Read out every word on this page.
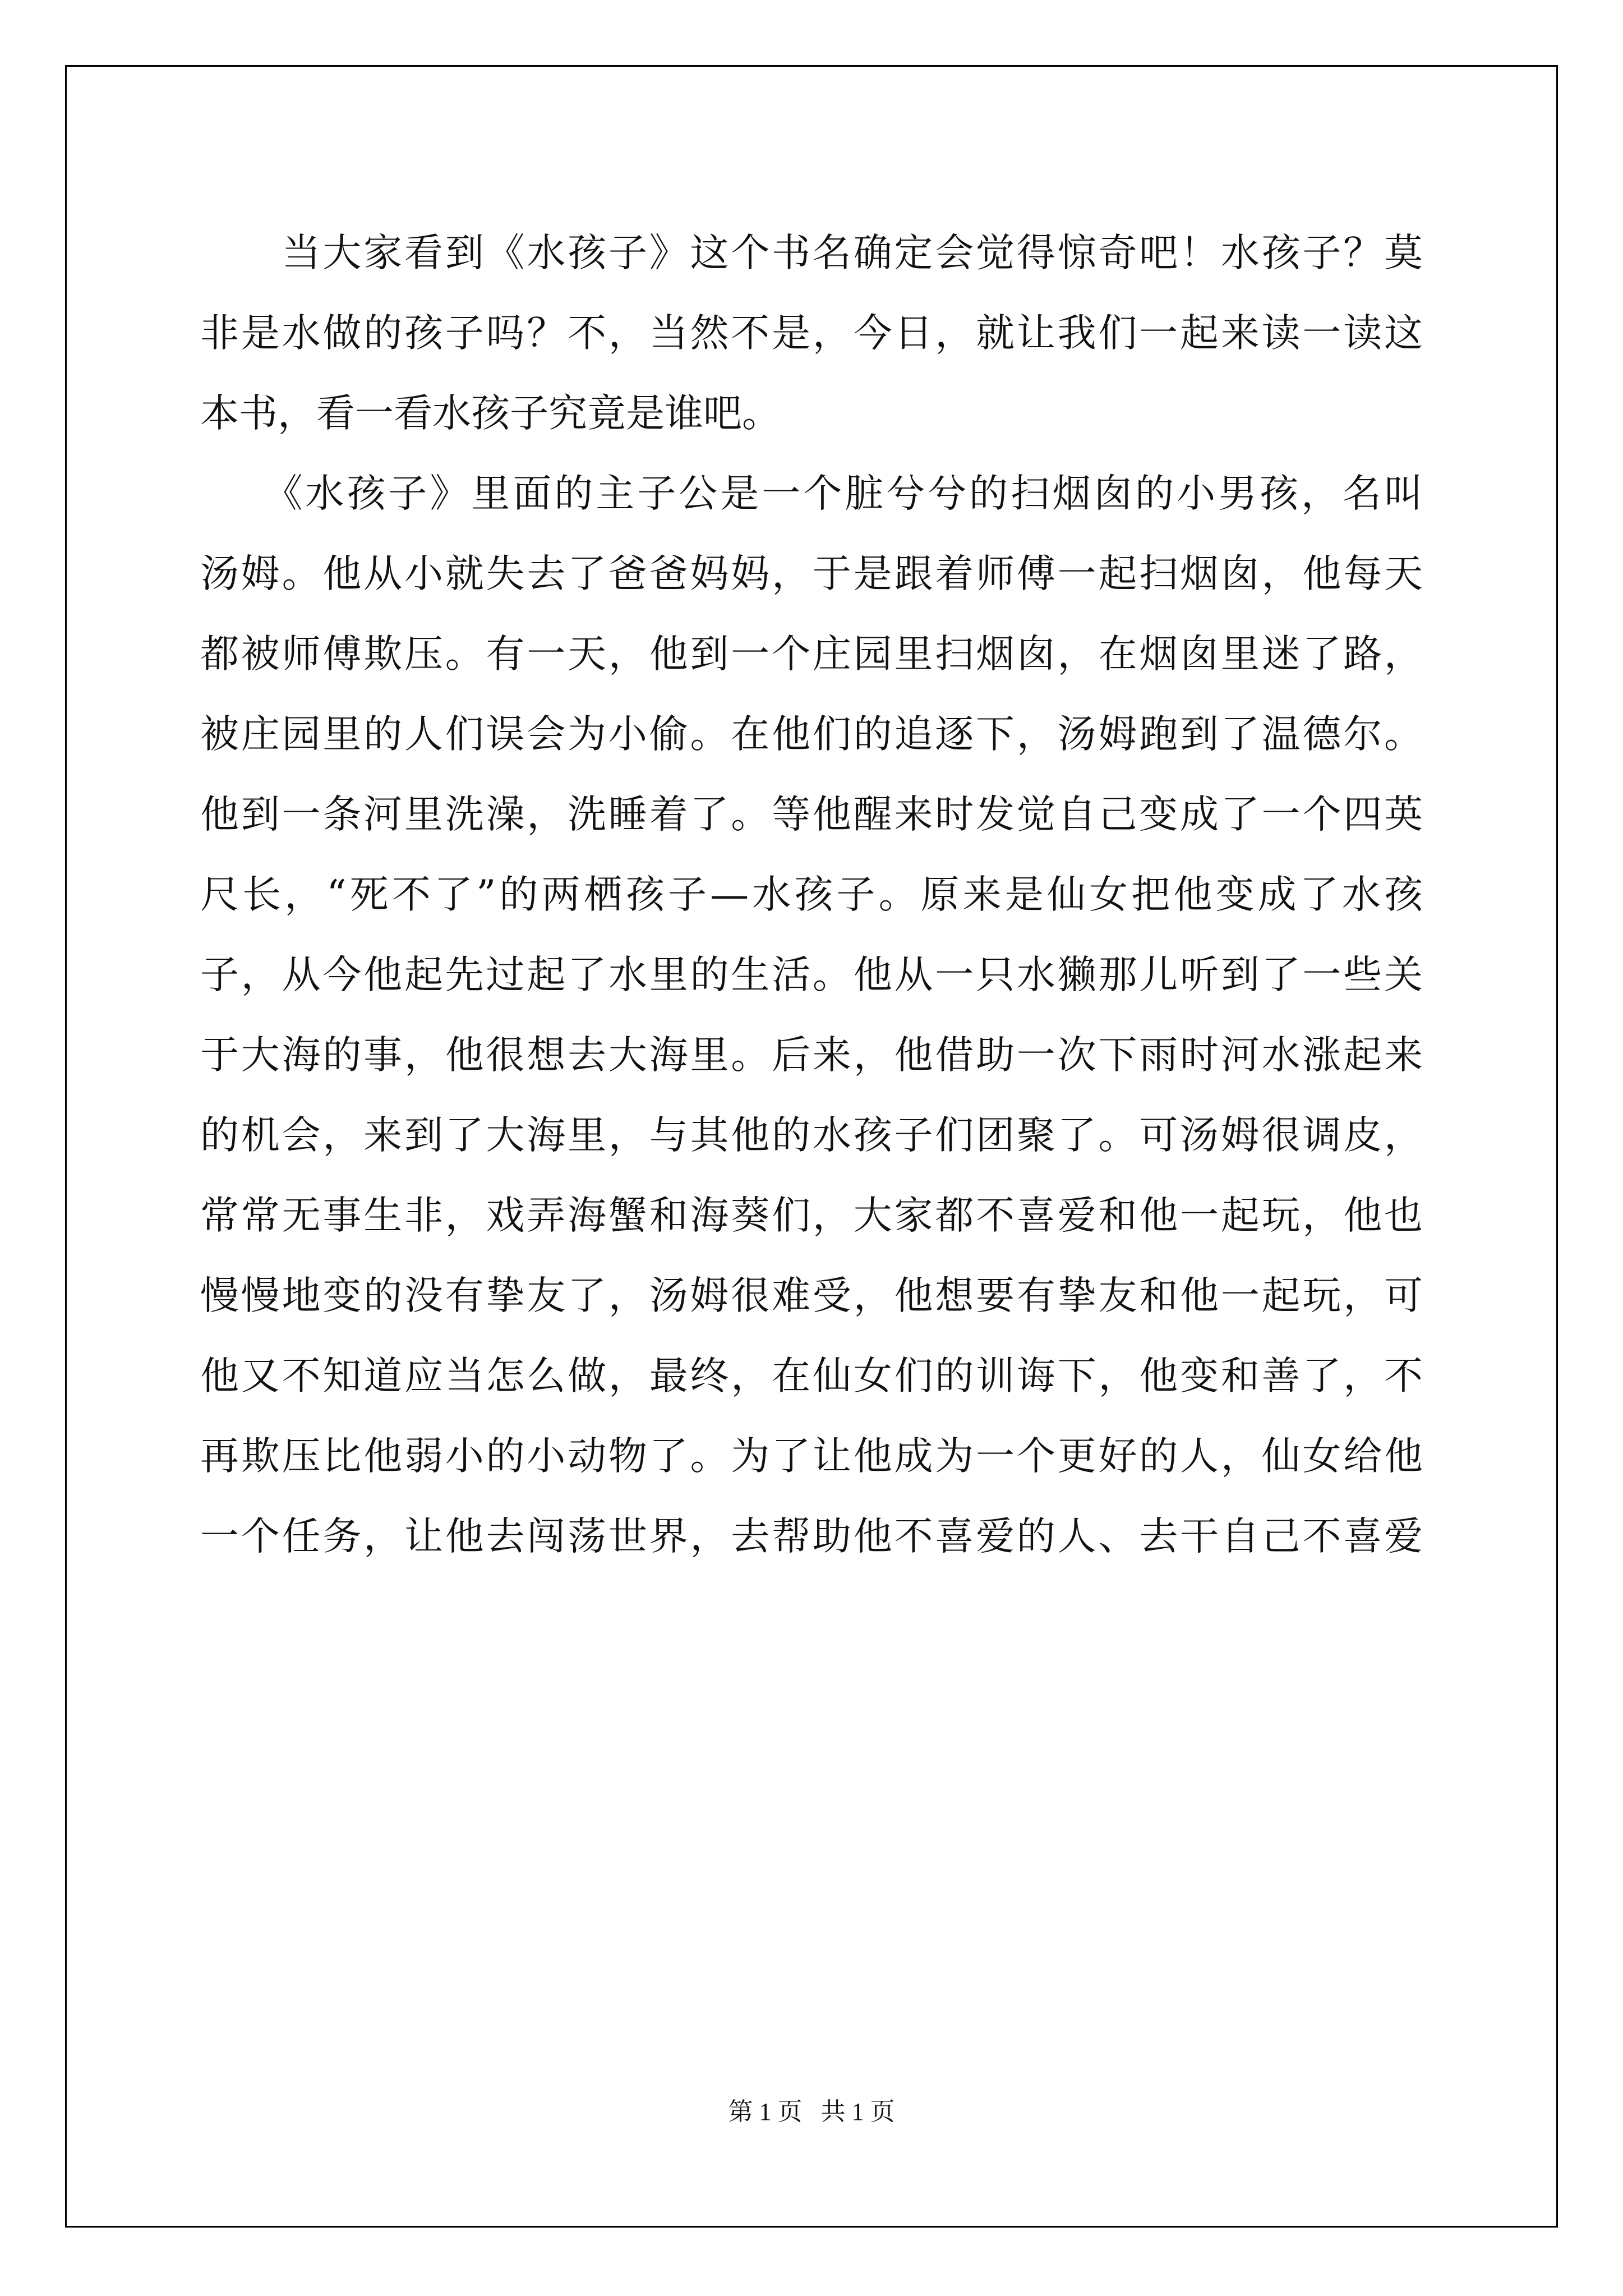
　　当大家看到《水孩子》这个书名确定会觉得惊奇吧！水孩子？莫
非是水做的孩子吗？不，当然不是，今日，就让我们一起来读一读这
本书，看一看水孩子究竟是谁吧。
　　《水孩子》里面的主子公是一个脏兮兮的扫烟囱的小男孩，名叫
汤姆。他从小就失去了爸爸妈妈，于是跟着师傅一起扫烟囱，他每天
都被师傅欺压。有一天，他到一个庄园里扫烟囱，在烟囱里迷了路，
被庄园里的人们误会为小偷。在他们的追逐下，汤姆跑到了温德尔。
他到一条河里洗澡，洗睡着了。等他醒来时发觉自己变成了一个四英
尺长，“死不了”的两栖孩子—水孩子。原来是仙女把他变成了水孩
子，从今他起先过起了水里的生活。他从一只水獭那儿听到了一些关
于大海的事，他很想去大海里。后来，他借助一次下雨时河水涨起来
的机会，来到了大海里，与其他的水孩子们团聚了。可汤姆很调皮，
常常无事生非，戏弄海蟹和海葵们，大家都不喜爱和他一起玩，他也
慢慢地变的没有挚友了，汤姆很难受，他想要有挚友和他一起玩，可
他又不知道应当怎么做，最终，在仙女们的训诲下，他变和善了，不
再欺压比他弱小的小动物了。为了让他成为一个更好的人，仙女给他
一个任务，让他去闯荡世界，去帮助他不喜爱的人、去干自己不喜爱
第 1 页 共 1 页
